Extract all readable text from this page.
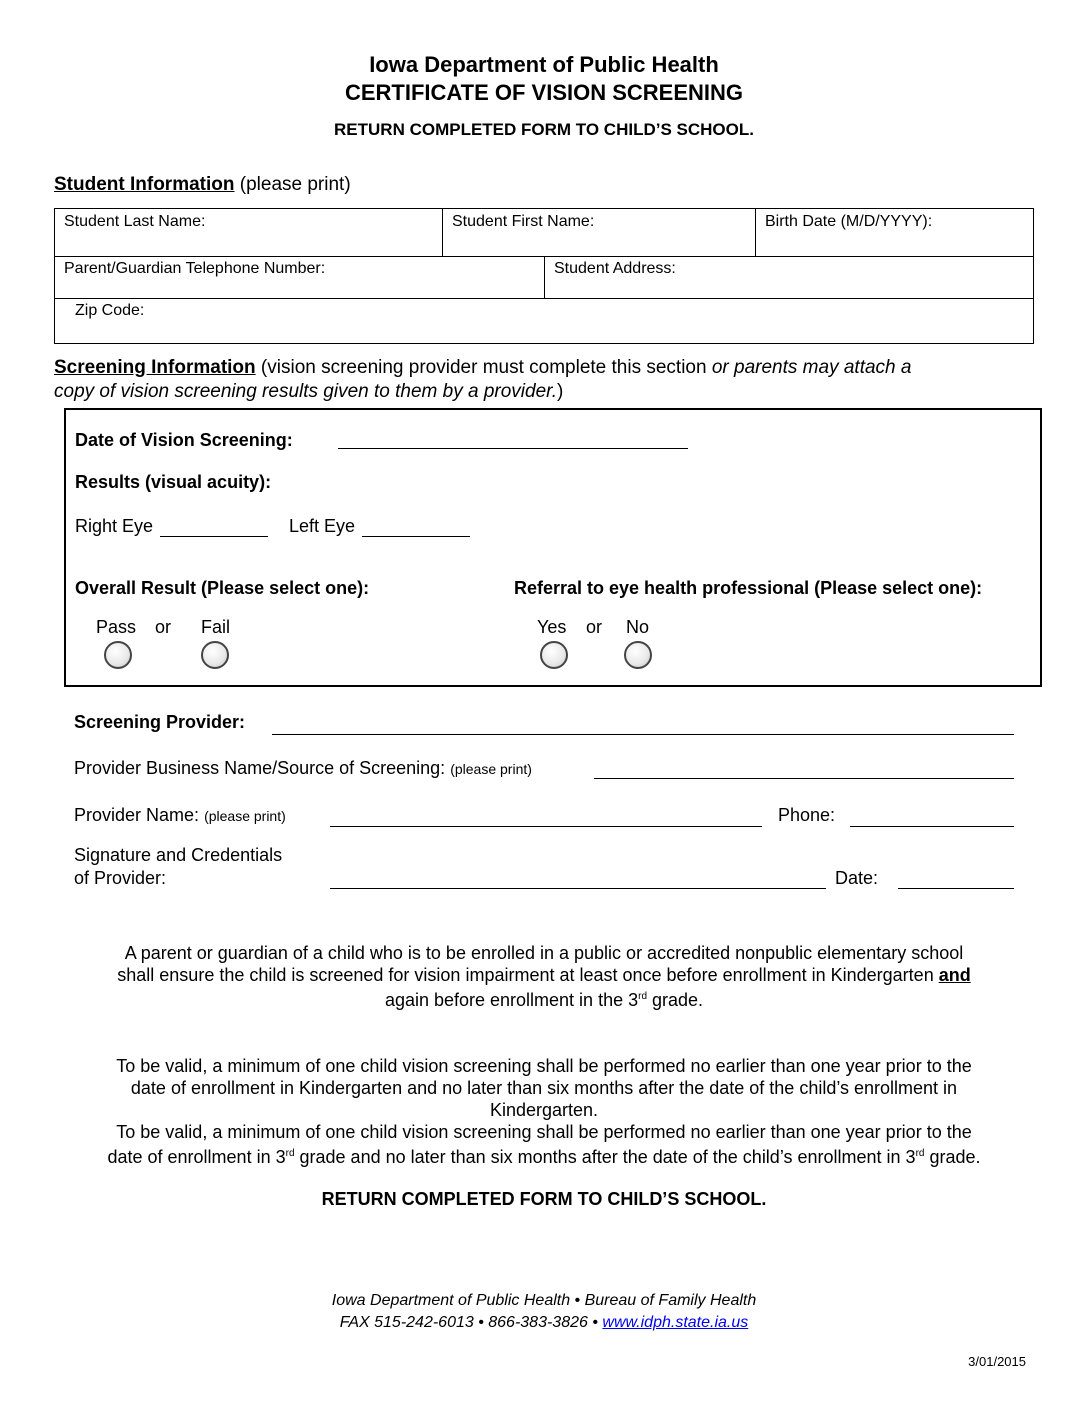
Iowa Department of Public Health
CERTIFICATE OF VISION SCREENING
RETURN COMPLETED FORM TO CHILD’S SCHOOL.
Student Information (please print)
Student Last Name:	Student First Name:	Birth Date (M/D/YYYY):
Parent/Guardian Telephone Number:	Student Address:
Zip Code:
Screening Information (vision screening provider must complete this section or parents may attach a
copy of vision screening results given to them by a provider.)
Date of Vision Screening:
Results (visual acuity):
Right Eye	Left Eye
Overall Result (Please select one):	Referral to eye health professional (Please select one):
Pass or Fail	Yes or No
Screening Provider:
Provider Business Name/Source of Screening: (please print)
Provider Name: (please print)	Phone:
Signature and Credentials
of Provider:	Date:
A parent or guardian of a child who is to be enrolled in a public or accredited nonpublic elementary school
shall ensure the child is screened for vision impairment at least once before enrollment in Kindergarten and
again before enrollment in the 3rd grade.
To be valid, a minimum of one child vision screening shall be performed no earlier than one year prior to the
date of enrollment in Kindergarten and no later than six months after the date of the child’s enrollment in
Kindergarten.
To be valid, a minimum of one child vision screening shall be performed no earlier than one year prior to the
date of enrollment in 3rd grade and no later than six months after the date of the child’s enrollment in 3rd grade.
RETURN COMPLETED FORM TO CHILD’S SCHOOL.
Iowa Department of Public Health • Bureau of Family Health
FAX 515-242-6013 • 866-383-3826 • www.idph.state.ia.us
3/01/2015
